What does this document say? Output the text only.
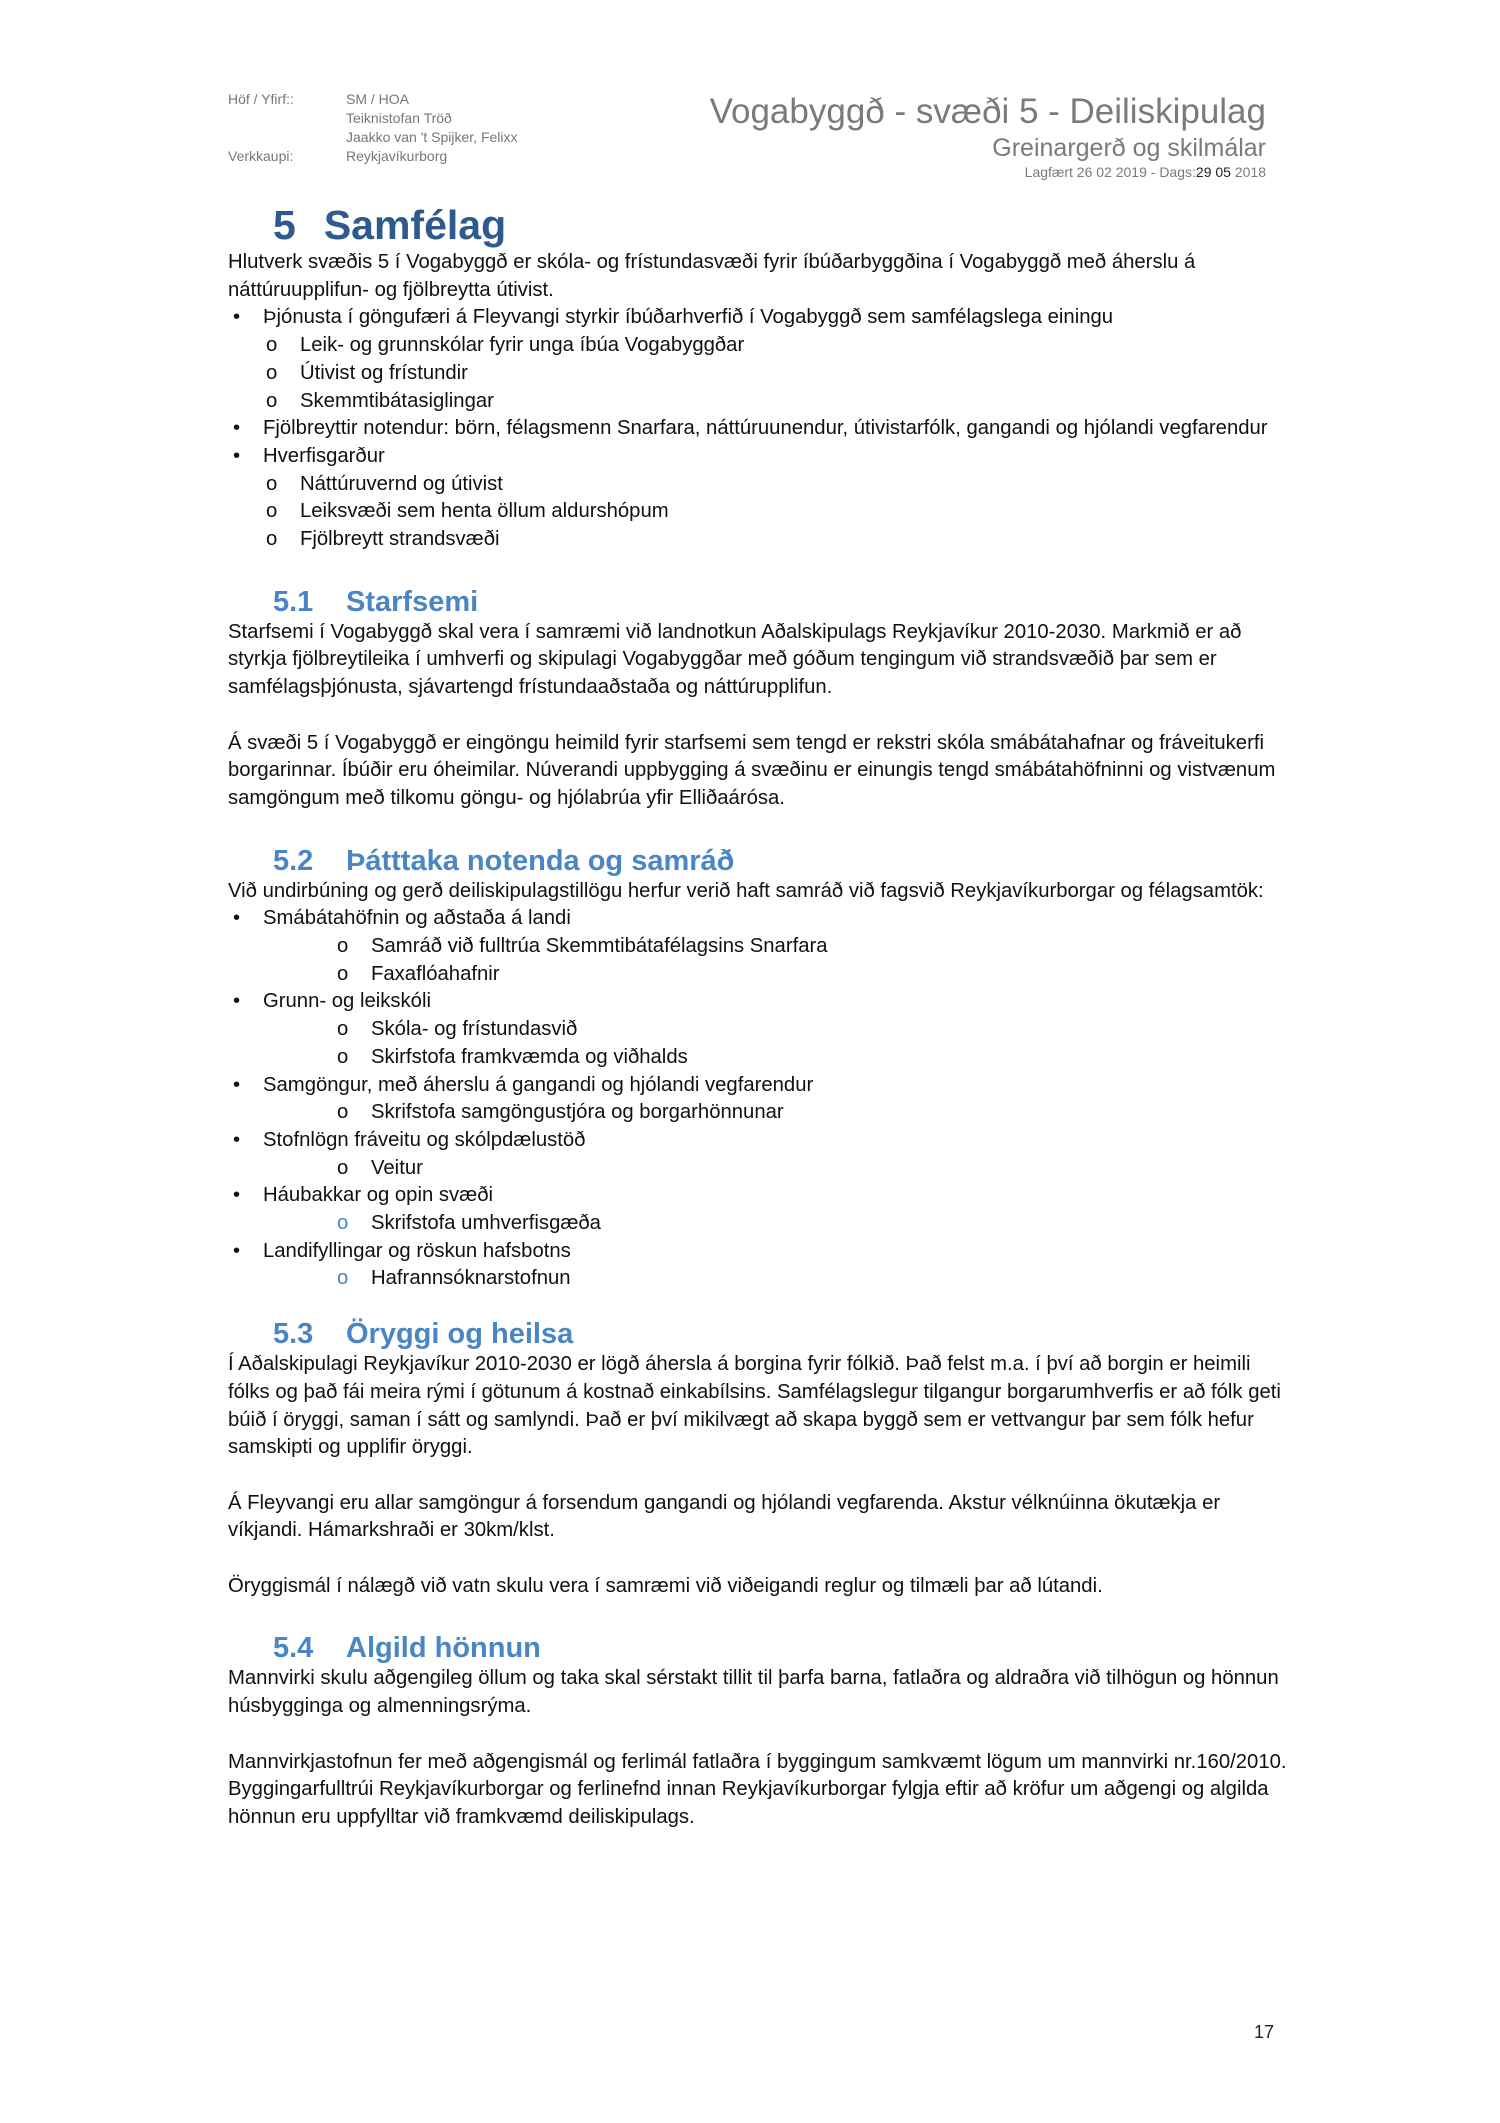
Höf / Yfirf::	SM / HOA
Teiknistofan Tröð
Jaakko van 't Spijker, Felixx
Verkkaupi:	Reykjavíkurborg
Vogabyggð - svæði 5 - Deiliskipulag
Greinargerð og skilmálar
Lagfært 26 02 2019 - Dags:29 05 2018
5 Samfélag

Hlutverk svæðis 5 í Vogabyggð er skóla- og frístundasvæði fyrir íbúðarbyggðina í Vogabyggð með áherslu á náttúruupplifun- og fjölbreytta útivist.

• Þjónusta í göngufæri á Fleyvangi styrkir íbúðarhverfið í Vogabyggð sem samfélagslega einingu
o Leik- og grunnskólar fyrir unga íbúa Vogabyggðar
o Útivist og frístundir
o Skemmtibátasiglingar
• Fjölbreyttir notendur: börn, félagsmenn Snarfara, náttúruunendur, útivistarfólk, gangandi og hjólandi vegfarendur
• Hverfisgarður
o Náttúruvernd og útivist
o Leiksvæði sem henta öllum aldurshópum
o Fjölbreytt strandsvæði
5.1 Starfsemi

Starfsemi í Vogabyggð skal vera í samræmi við landnotkun Aðalskipulags Reykjavíkur 2010-2030. Markmið er að styrkja fjölbreytileika í umhverfi og skipulagi Vogabyggðar með góðum tengingum við strandsvæðið þar sem er samfélagsþjónusta, sjávartengd frístundaaðstaða og náttúrupplifun.

Á svæði 5 í Vogabyggð er eingöngu heimild fyrir starfsemi sem tengd er rekstri skóla smábátahafnar og fráveitukerfi borgarinnar. Íbúðir eru óheimilar. Núverandi uppbygging á svæðinu er einungis tengd smábátahöfninni og vistvænum samgöngum með tilkomu göngu- og hjólabrúa yfir Elliðaárósa.

5.2 Þátttaka notenda og samráð

Við undirbúning og gerð deiliskipulagstillögu herfur verið haft samráð við fagsvið Reykjavíkurborgar og félagsamtök:

• Smábátahöfnin og aðstaða á landi
o Samráð við fulltrúa Skemmtibátafélagsins Snarfara
o Faxaflóahafnir
• Grunn- og leikskóli
o Skóla- og frístundasvið
o Skirfstofa framkvæmda og viðhalds
• Samgöngur, með áherslu á gangandi og hjólandi vegfarendur
o Skrifstofa samgöngustjóra og borgarhönnunar
• Stofnlögn fráveitu og skólpdælustöð
o Veitur
• Háubakkar og opin svæði
o Skrifstofa umhverfisgæða
• Landifyllingar og röskun hafsbotns
o Hafrannsóknarstofnun
5.3 Öryggi og heilsa

Í Aðalskipulagi Reykjavíkur 2010-2030 er lögð áhersla á borgina fyrir fólkið. Það felst m.a. í því að borgin er heimili fólks og það fái meira rými í götunum á kostnað einkabílsins. Samfélagslegur tilgangur borgarumhverfis er að fólk geti búið í öryggi, saman í sátt og samlyndi. Það er því mikilvægt að skapa byggð sem er vettvangur þar sem fólk hefur samskipti og upplifir öryggi.

Á Fleyvangi eru allar samgöngur á forsendum gangandi og hjólandi vegfarenda. Akstur vélknúinna ökutækja er víkjandi. Hámarkshraði er 30km/klst.

Öryggismál í nálægð við vatn skulu vera í samræmi við viðeigandi reglur og tilmæli þar að lútandi.

5.4 Algild hönnun

Mannvirki skulu aðgengileg öllum og taka skal sérstakt tillit til þarfa barna, fatlaðra og aldraðra við tilhögun og hönnun húsbygginga og almenningsrýma.

Mannvirkjastofnun fer með aðgengismál og ferlimál fatlaðra í byggingum samkvæmt lögum um mannvirki nr.160/2010. Byggingarfulltrúi Reykjavíkurborgar og ferlinefnd innan Reykjavíkurborgar fylgja eftir að kröfur um aðgengi og algilda hönnun eru uppfylltar við framkvæmd deiliskipulags.

17
